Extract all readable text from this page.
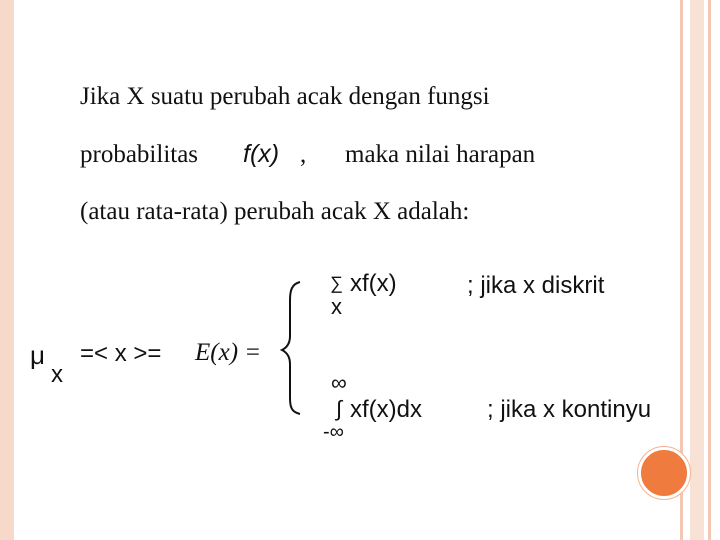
Jika X suatu perubah acak dengan fungsi
probabilitas f(x) , maka nilai harapan
(atau rata-rata) perubah acak X adalah:
μ
x
=< x >= E(x) =
∑
x
xf(x)	; jika x diskrit
∞
∫
-∞
xf(x)dx	; jika x kontinyu
